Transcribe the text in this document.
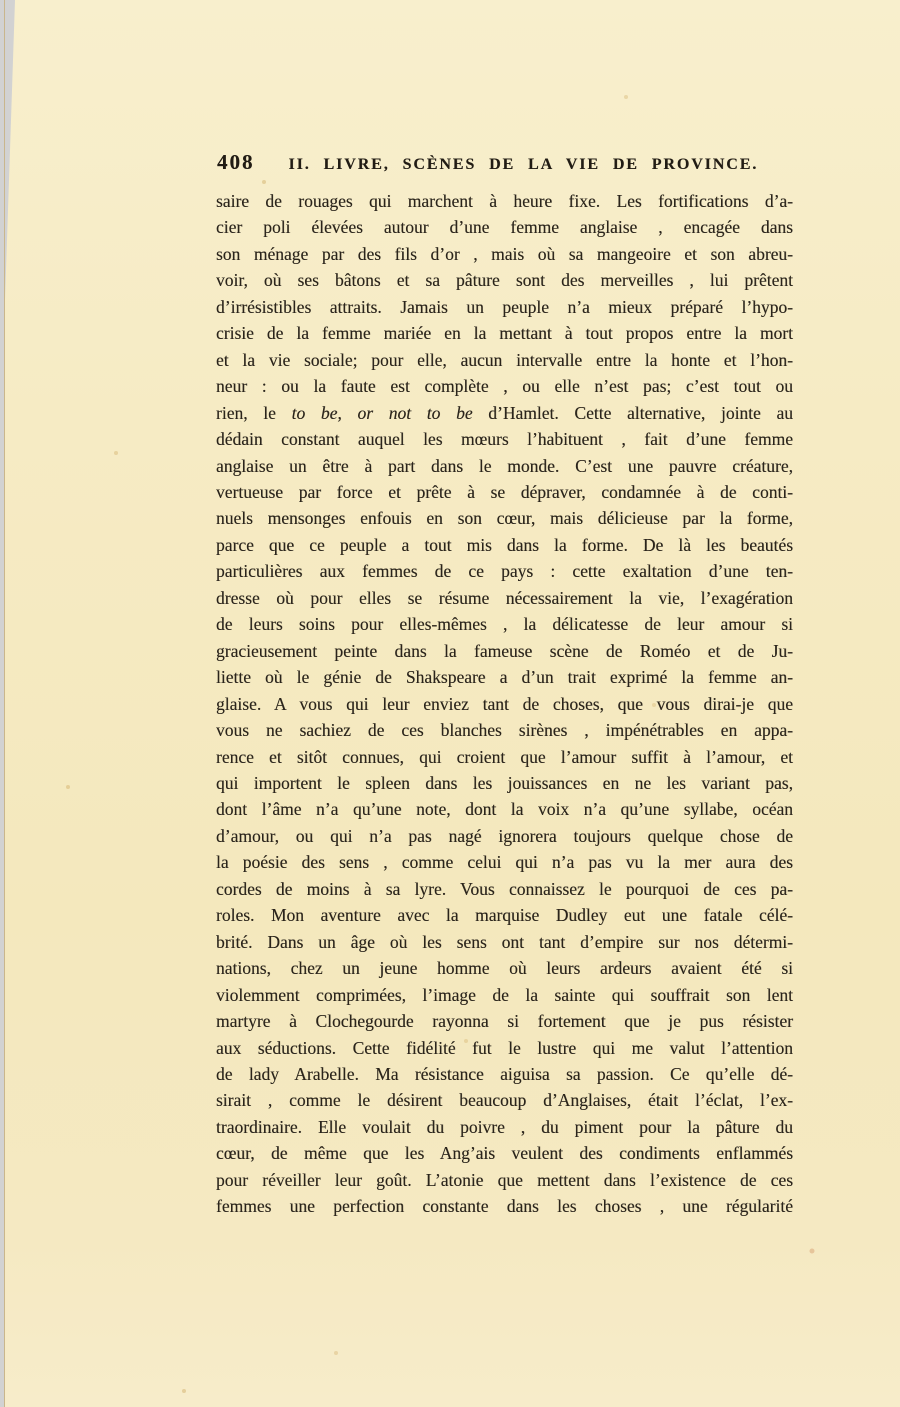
408 II. LIVRE, SCÈNES DE LA VIE DE PROVINCE.
saire de rouages qui marchent à heure fixe. Les fortifications d’a-
cier poli élevées autour d’une femme anglaise , encagée dans
son ménage par des fils d’or , mais où sa mangeoire et son abreu-
voir, où ses bâtons et sa pâture sont des merveilles , lui prêtent
d’irrésistibles attraits. Jamais un peuple n’a mieux préparé l’hypo-
crisie de la femme mariée en la mettant à tout propos entre la mort
et la vie sociale; pour elle, aucun intervalle entre la honte et l’hon-
neur : ou la faute est complète , ou elle n’est pas; c’est tout ou
rien, le to be, or not to be d’Hamlet. Cette alternative, jointe au
dédain constant auquel les mœurs l’habituent , fait d’une femme
anglaise un être à part dans le monde. C’est une pauvre créature,
vertueuse par force et prête à se dépraver, condamnée à de conti-
nuels mensonges enfouis en son cœur, mais délicieuse par la forme,
parce que ce peuple a tout mis dans la forme. De là les beautés
particulières aux femmes de ce pays : cette exaltation d’une ten-
dresse où pour elles se résume nécessairement la vie, l’exagération
de leurs soins pour elles-mêmes , la délicatesse de leur amour si
gracieusement peinte dans la fameuse scène de Roméo et de Ju-
liette où le génie de Shakspeare a d’un trait exprimé la femme an-
glaise. A vous qui leur enviez tant de choses, que vous dirai-je que
vous ne sachiez de ces blanches sirènes , impénétrables en appa-
rence et sitôt connues, qui croient que l’amour suffit à l’amour, et
qui importent le spleen dans les jouissances en ne les variant pas,
dont l’âme n’a qu’une note, dont la voix n’a qu’une syllabe, océan
d’amour, ou qui n’a pas nagé ignorera toujours quelque chose de
la poésie des sens , comme celui qui n’a pas vu la mer aura des
cordes de moins à sa lyre. Vous connaissez le pourquoi de ces pa-
roles. Mon aventure avec la marquise Dudley eut une fatale célé-
brité. Dans un âge où les sens ont tant d’empire sur nos détermi-
nations, chez un jeune homme où leurs ardeurs avaient été si
violemment comprimées, l’image de la sainte qui souffrait son lent
martyre à Clochegourde rayonna si fortement que je pus résister
aux séductions. Cette fidélité fut le lustre qui me valut l’attention
de lady Arabelle. Ma résistance aiguisa sa passion. Ce qu’elle dé-
sirait , comme le désirent beaucoup d’Anglaises, était l’éclat, l’ex-
traordinaire. Elle voulait du poivre , du piment pour la pâture du
cœur, de même que les Ang’ais veulent des condiments enflammés
pour réveiller leur goût. L’atonie que mettent dans l’existence de ces
femmes une perfection constante dans les choses , une régularité
